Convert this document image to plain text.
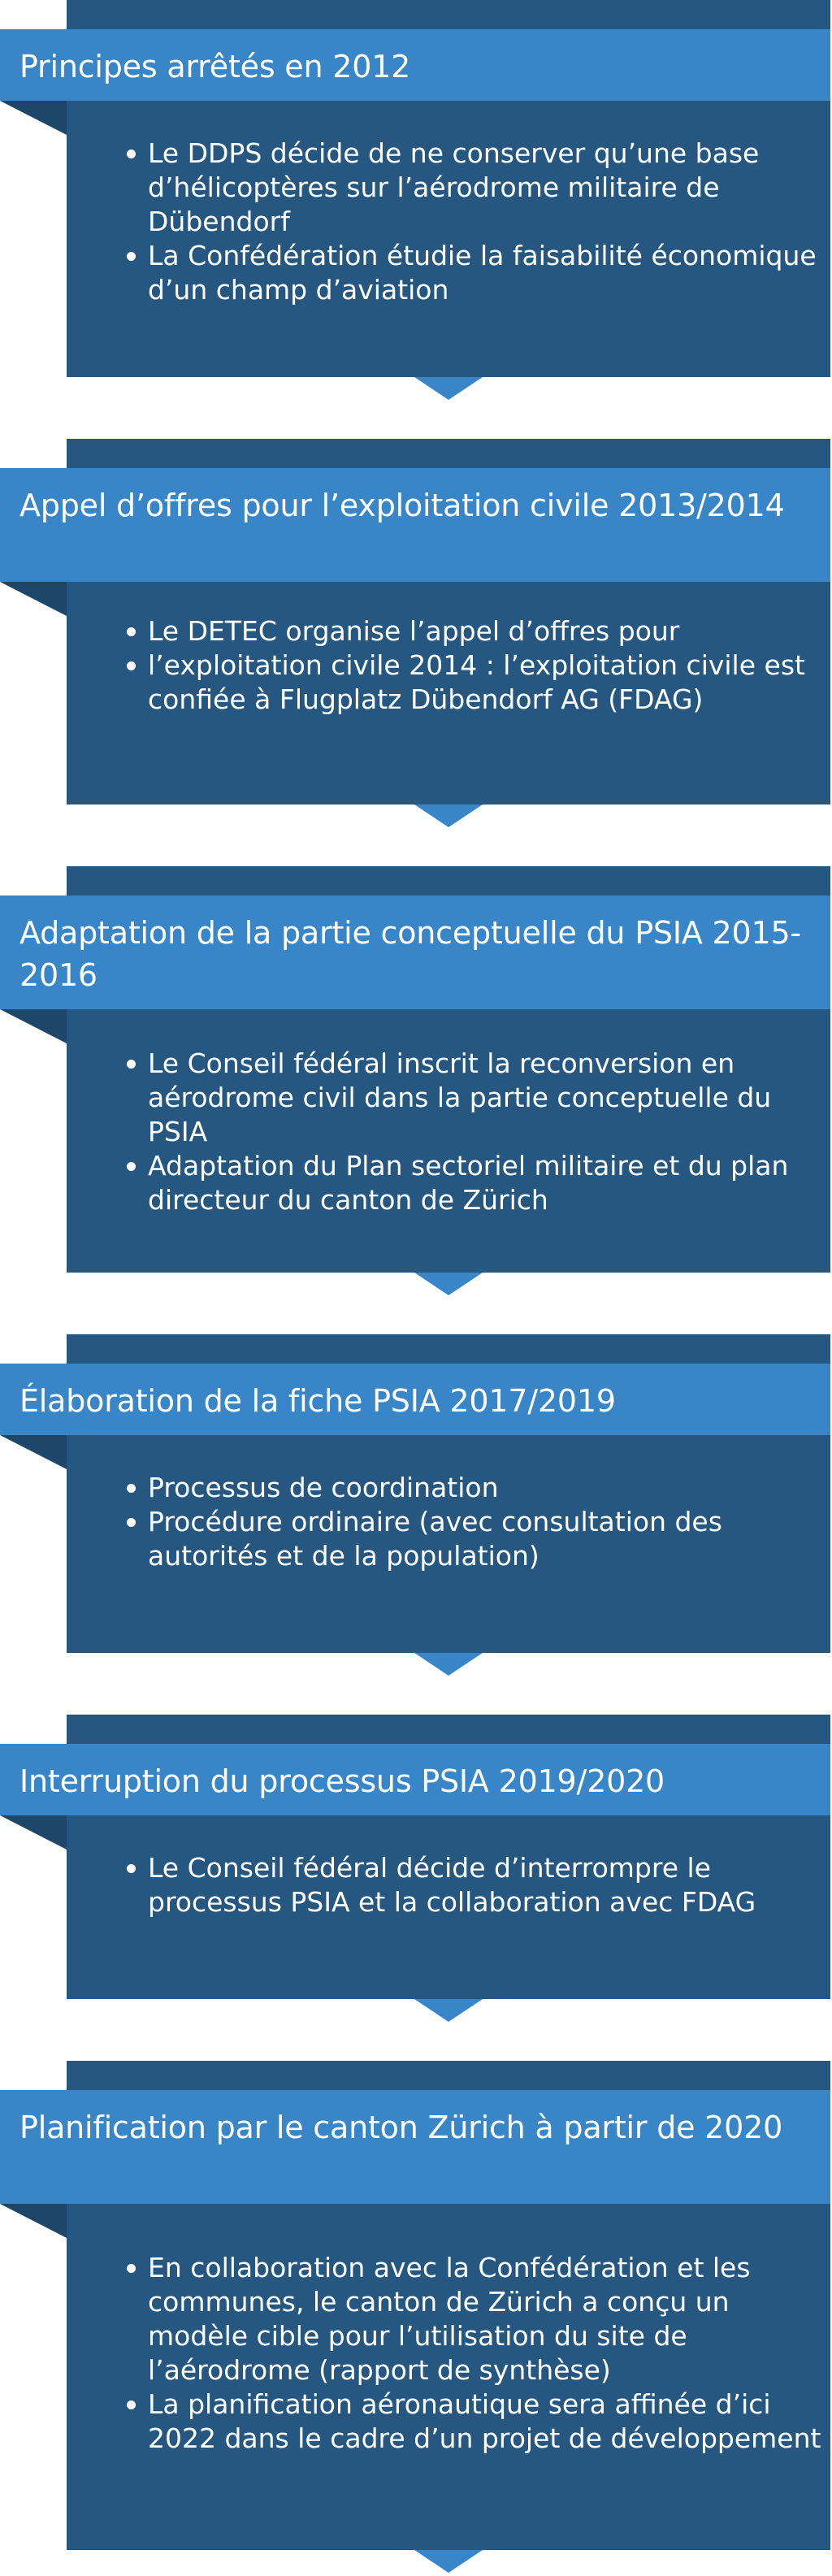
Principes arrêtés en 2012
Le DDPS décide de ne conserver qu’une base d’hélicoptères sur l’aérodrome militaire de Dübendorf
La Confédération étudie la faisabilité économique d’un champ d’aviation
Appel d’offres pour l’exploitation civile 2013/2014
Le DETEC organise l’appel d’offres pour
l’exploitation civile 2014 : l’exploitation civile est confiée à Flugplatz Dübendorf AG (FDAG)
Adaptation de la partie conceptuelle du PSIA 2015-2016
Le Conseil fédéral inscrit la reconversion en aérodrome civil dans la partie conceptuelle du PSIA
Adaptation du Plan sectoriel militaire et du plan directeur du canton de Zürich
Élaboration de la fiche PSIA 2017/2019
Processus de coordination
Procédure ordinaire (avec consultation des autorités et de la population)
Interruption du processus PSIA 2019/2020
Le Conseil fédéral décide d’interrompre le processus PSIA et la collaboration avec FDAG
Planification par le canton Zürich à partir de 2020
En collaboration avec la Confédération et les communes, le canton de Zürich a conçu un modèle cible pour l’utilisation du site de l’aérodrome (rapport de synthèse)
La planification aéronautique sera affinée d’ici 2022 dans le cadre d’un projet de développement
